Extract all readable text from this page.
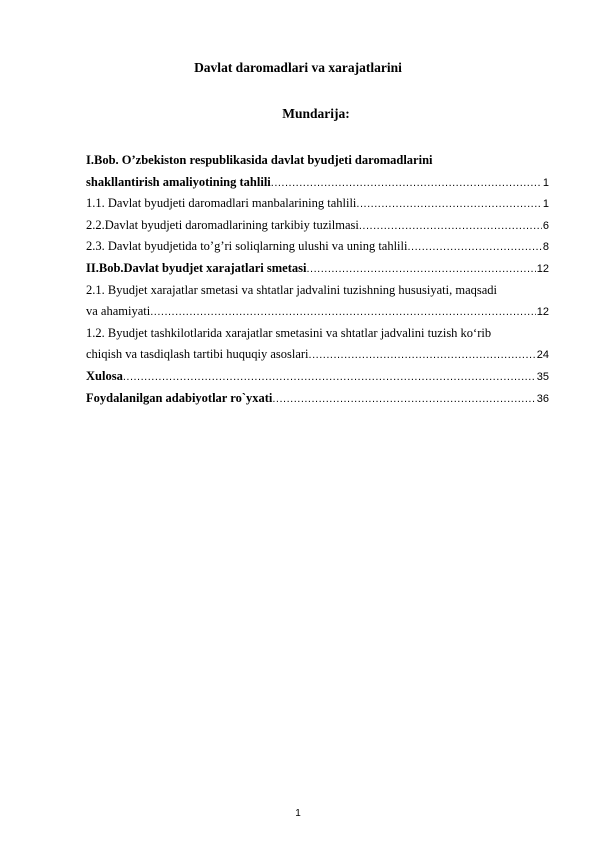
Davlat daromadlari va xarajatlarini
Mundarija:
I.Bob. O’zbekiston respublikasida davlat byudjeti daromadlarini
shakllantirish amaliyotining tahlili .....	1
1.1. Davlat byudjeti daromadlari manbalarining tahlili .....	1
2.2.Davlat byudjeti daromadlarining tarkibiy tuzilmasi .....	6
2.3. Davlat byudjetida to’g’ri soliqlarning ulushi va uning tahlili .....	8
II.Bob.Davlat byudjet xarajatlari smetasi .....	12
2.1. Byudjet xarajatlar smetasi va shtatlar jadvalini tuzishning hususiyati, maqsadi
va ahamiyati .....	12
1.2. Byudjet tashkilotlarida xarajatlar smetasini va shtatlar jadvalini tuzish ko‘rib
chiqish va tasdiqlash tartibi huquqiy asoslari .....	24
Xulosa .....	35
Foydalanilgan adabiyotlar ro`yxati .....	36
1
